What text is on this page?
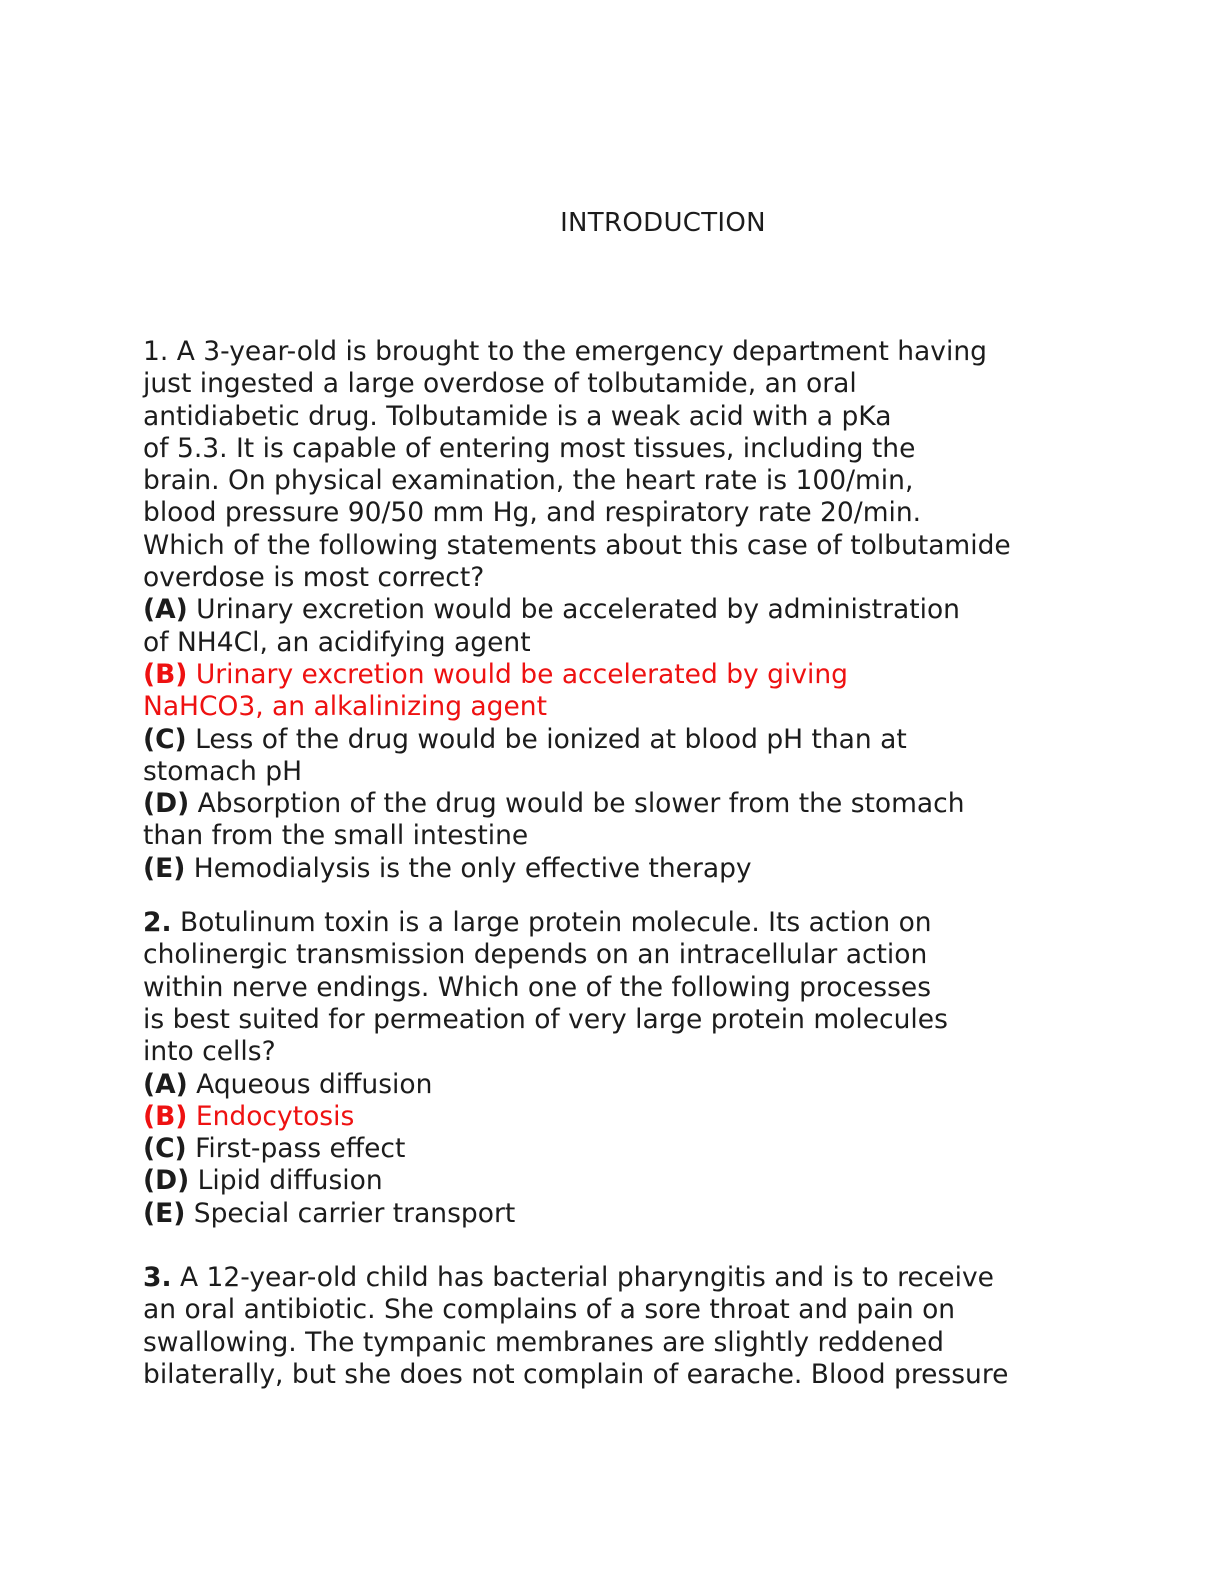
INTRODUCTION
1. A 3-year-old is brought to the emergency department having
just ingested a large overdose of tolbutamide, an oral
antidiabetic drug. Tolbutamide is a weak acid with a pKa
of 5.3. It is capable of entering most tissues, including the
brain. On physical examination, the heart rate is 100/min,
blood pressure 90/50 mm Hg, and respiratory rate 20/min.
Which of the following statements about this case of tolbutamide
overdose is most correct?
(A) Urinary excretion would be accelerated by administration
of NH4Cl, an acidifying agent
(B) Urinary excretion would be accelerated by giving
NaHCO3, an alkalinizing agent
(C) Less of the drug would be ionized at blood pH than at
stomach pH
(D) Absorption of the drug would be slower from the stomach
than from the small intestine
(E) Hemodialysis is the only effective therapy
2. Botulinum toxin is a large protein molecule. Its action on
cholinergic transmission depends on an intracellular action
within nerve endings. Which one of the following processes
is best suited for permeation of very large protein molecules
into cells?
(A) Aqueous diffusion
(B) Endocytosis
(C) First-pass effect
(D) Lipid diffusion
(E) Special carrier transport
3. A 12-year-old child has bacterial pharyngitis and is to receive
an oral antibiotic. She complains of a sore throat and pain on
swallowing. The tympanic membranes are slightly reddened
bilaterally, but she does not complain of earache. Blood pressure
